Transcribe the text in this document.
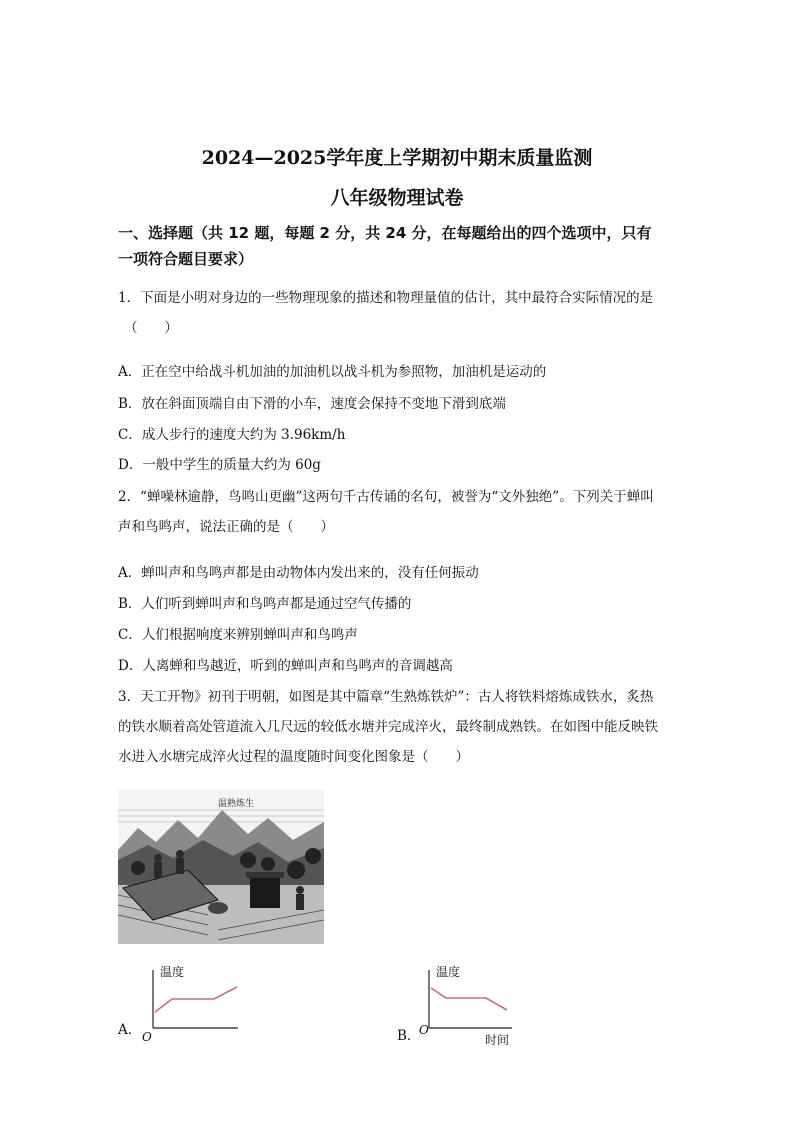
2024—2025学年度上学期初中期末质量监测
八年级物理试卷
一、选择题（共 12 题，每题 2 分，共 24 分，在每题给出的四个选项中，只有
一项符合题目要求）
1．下面是小明对身边的一些物理现象的描述和物理量值的估计，其中最符合实际情况的是
（　　）
A．正在空中给战斗机加油的加油机以战斗机为参照物，加油机是运动的
B．放在斜面顶端自由下滑的小车，速度会保持不变地下滑到底端
C．成人步行的速度大约为 3.96km/h
D．一般中学生的质量大约为 60g
2．“蝉噪林逾静，鸟鸣山更幽”这两句千古传诵的名句，被誉为“文外独绝”。下列关于蝉叫
声和鸟鸣声，说法正确的是（　　）
A．蝉叫声和鸟鸣声都是由动物体内发出来的，没有任何振动
B．人们听到蝉叫声和鸟鸣声都是通过空气传播的
C．人们根据响度来辨别蝉叫声和鸟鸣声
D．人离蝉和鸟越近，听到的蝉叫声和鸟鸣声的音调越高
3．天工开物》初刊于明朝，如图是其中篇章“生熟炼铁炉”：古人将铁料熔炼成铁水，炙热
的铁水顺着高处管道流入几尺远的较低水塘并完成淬火，最终制成熟铁。在如图中能反映铁
水进入水塘完成淬火过程的温度随时间变化图象是（　　）
温熟炼生
A．
温度
O	B．
温度
O
时间
